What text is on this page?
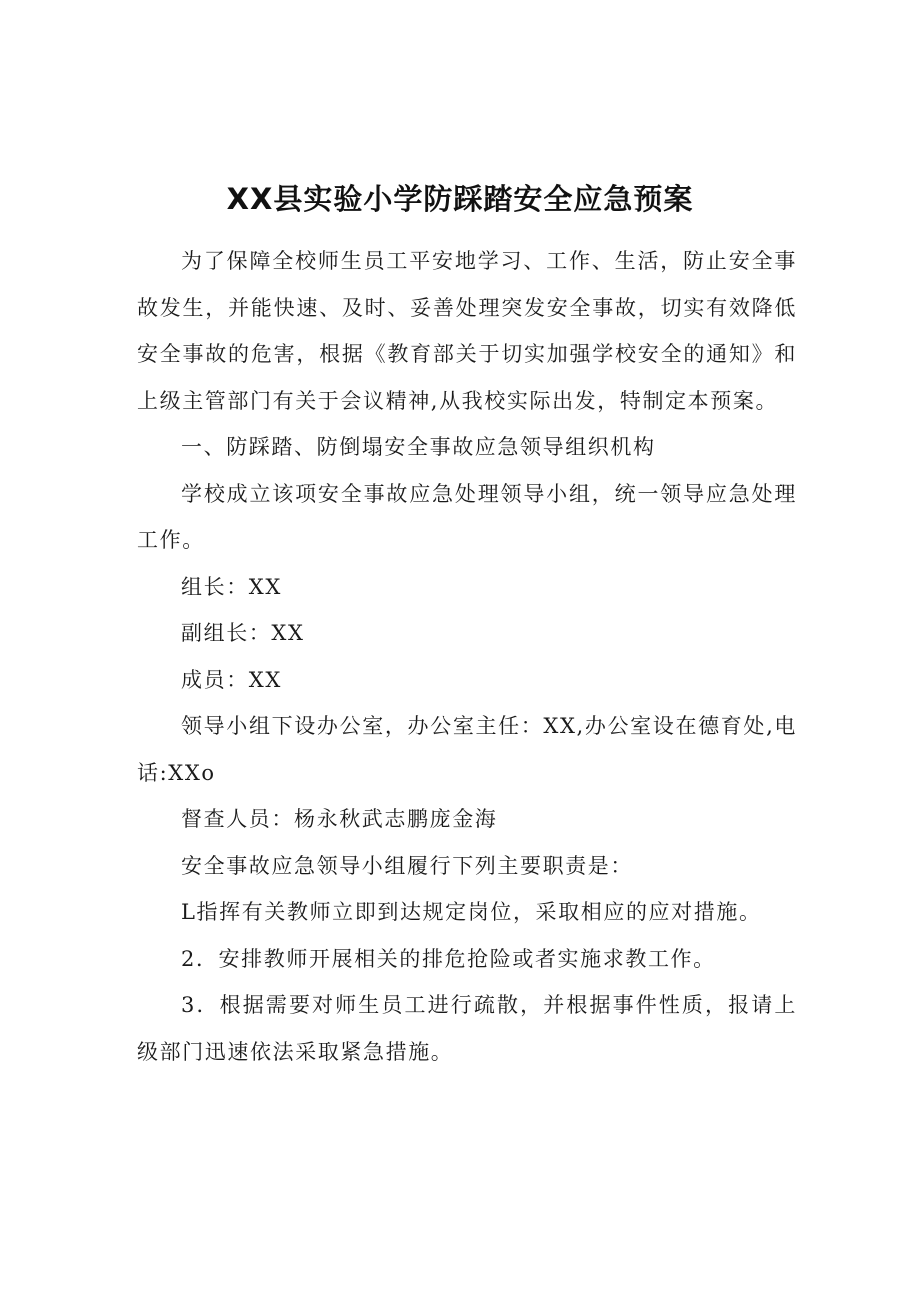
XX县实验小学防踩踏安全应急预案

为了保障全校师生员工平安地学习、工作、生活，防止安全事故发生，并能快速、及时、妥善处理突发安全事故，切实有效降低安全事故的危害，根据《教育部关于切实加强学校安全的通知》和上级主管部门有关于会议精神,从我校实际出发，特制定本预案。

一、防踩踏、防倒塌安全事故应急领导组织机构

学校成立该项安全事故应急处理领导小组，统一领导应急处理工作。

组长：XX

副组长：XX

成员：XX

领导小组下设办公室，办公室主任：XX,办公室设在德育处,电话:XXo

督查人员：杨永秋武志鹏庞金海

安全事故应急领导小组履行下列主要职责是：

L指挥有关教师立即到达规定岗位，采取相应的应对措施。

2．安排教师开展相关的排危抢险或者实施求教工作。

3．根据需要对师生员工进行疏散，并根据事件性质，报请上级部门迅速依法采取紧急措施。
